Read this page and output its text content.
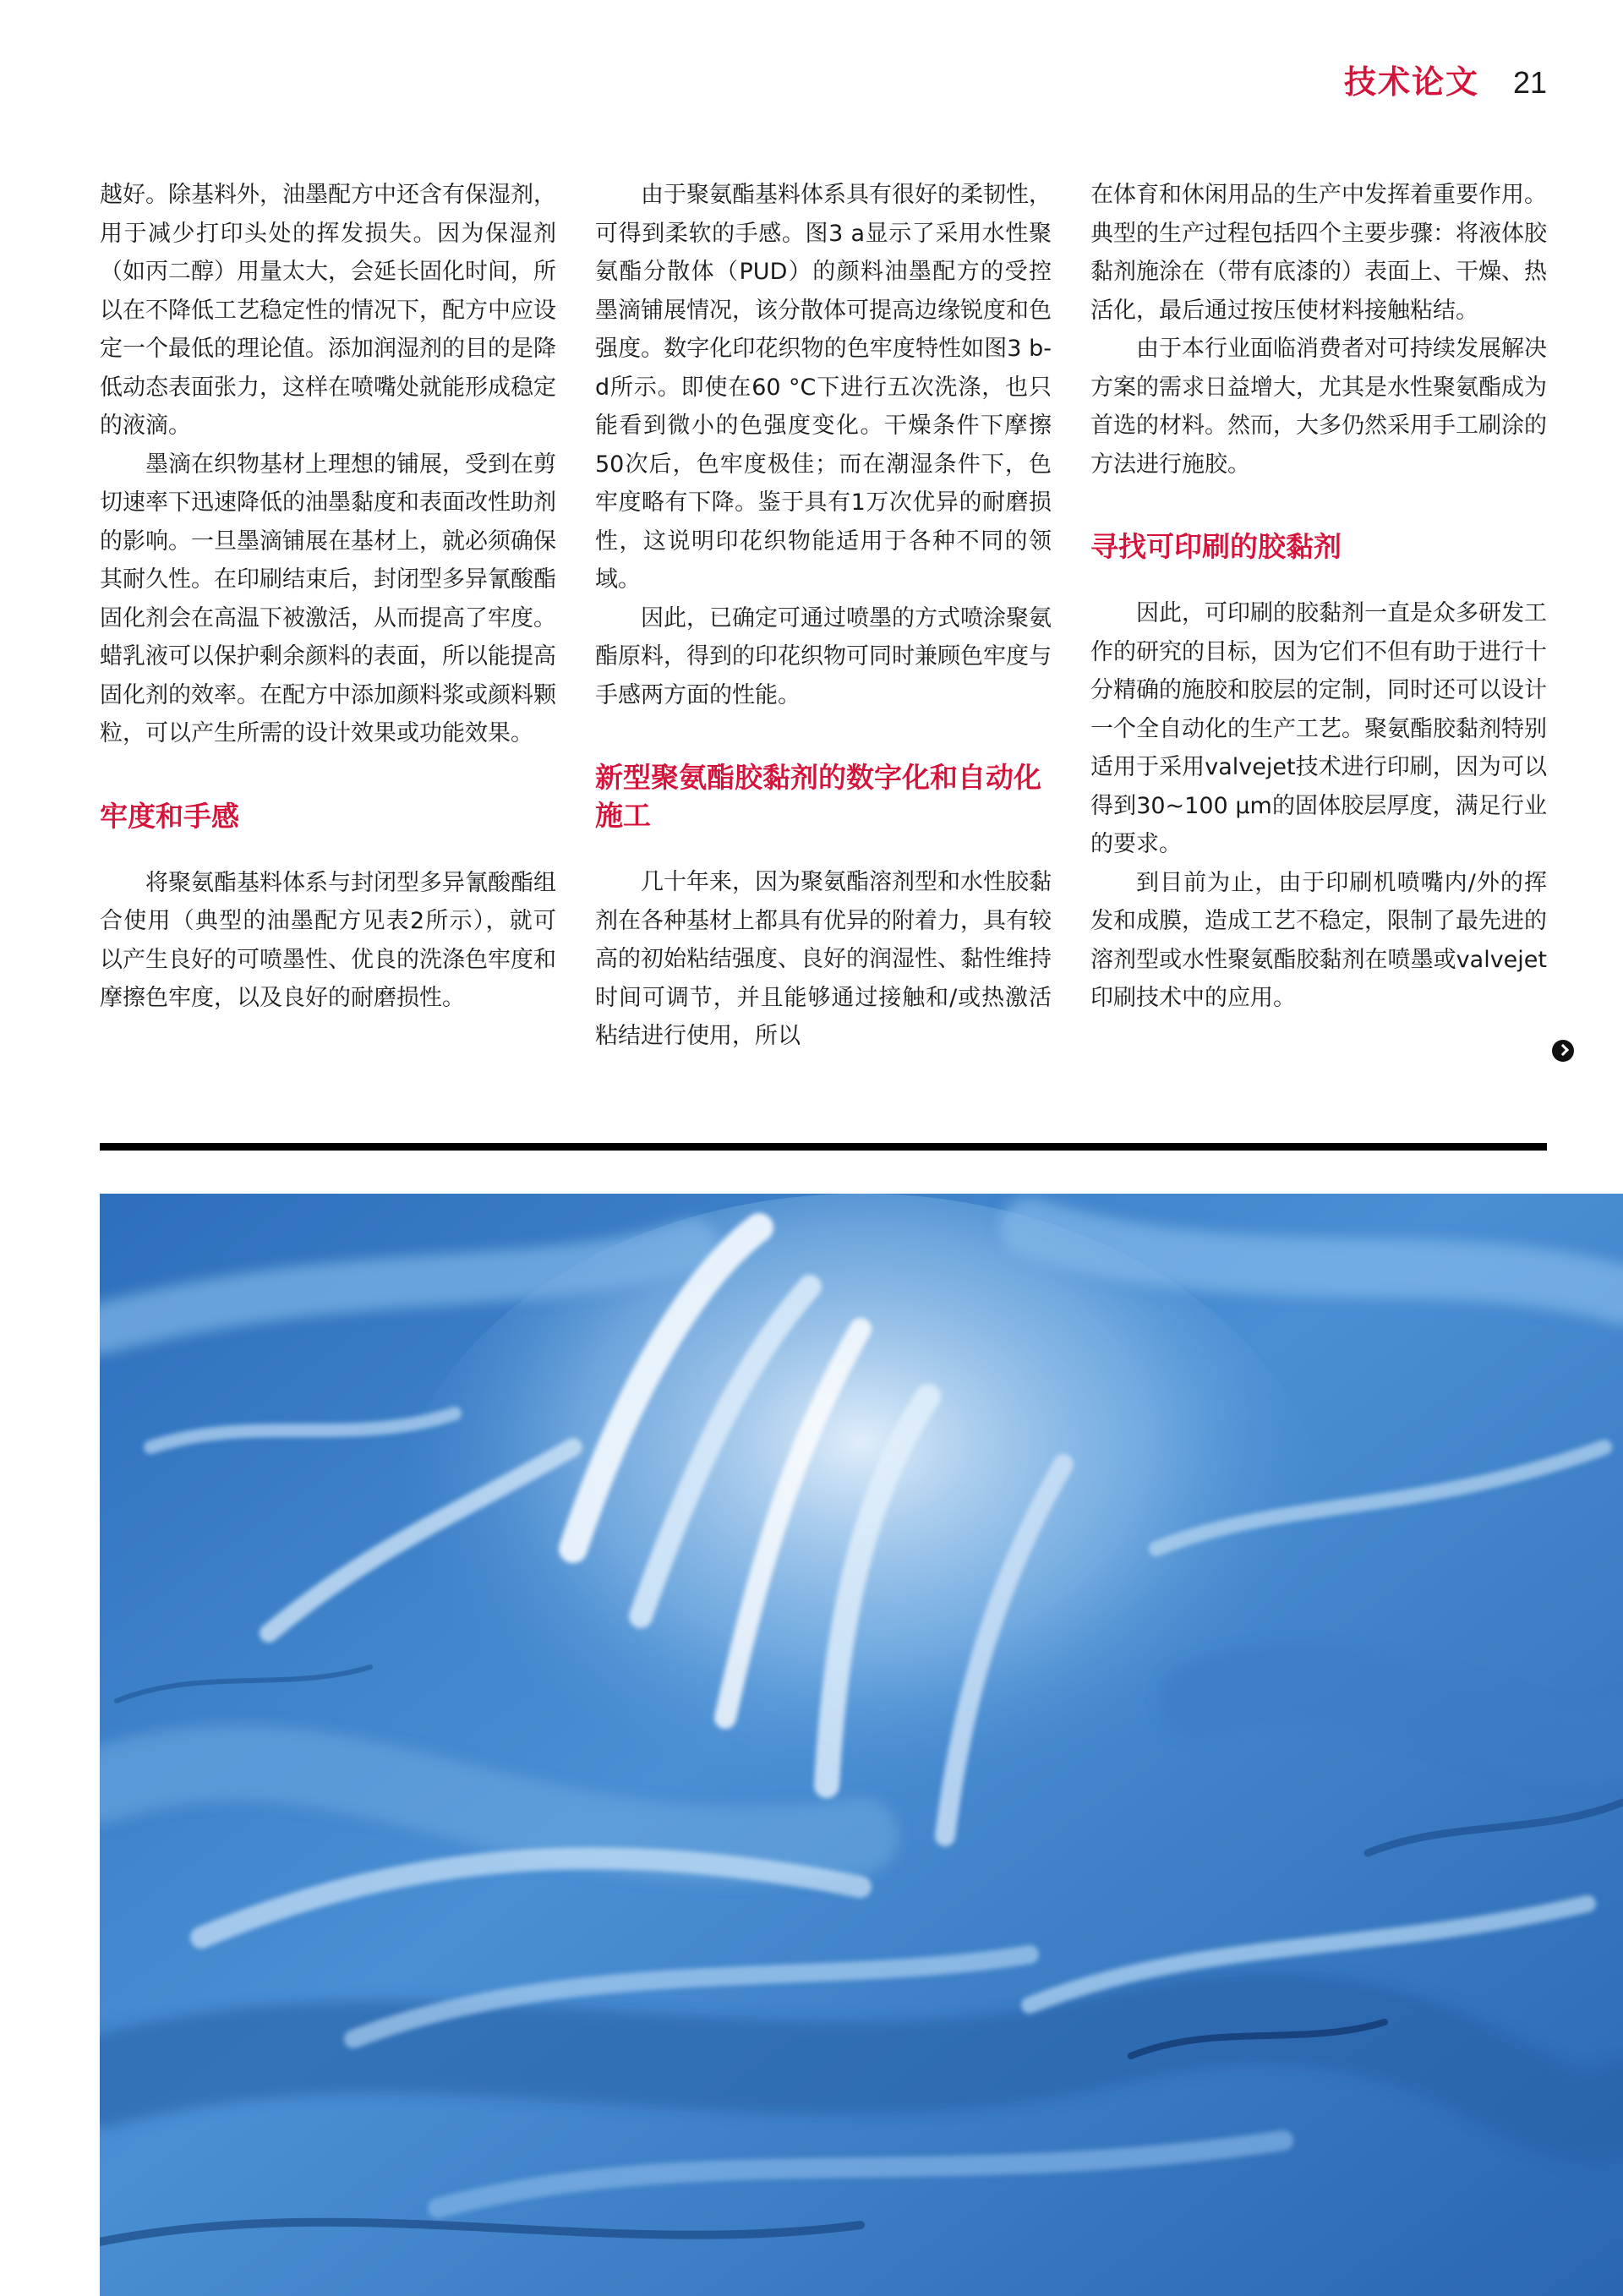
技术论文 21

越好。除基料外，油墨配方中还含有保湿剂，用于减少打印头处的挥发损失。因为保湿剂（如丙二醇）用量太大，会延长固化时间，所以在不降低工艺稳定性的情况下，配方中应设定一个最低的理论值。添加润湿剂的目的是降低动态表面张力，这样在喷嘴处就能形成稳定的液滴。

墨滴在织物基材上理想的铺展，受到在剪切速率下迅速降低的油墨黏度和表面改性助剂的影响。一旦墨滴铺展在基材上，就必须确保其耐久性。在印刷结束后，封闭型多异氰酸酯固化剂会在高温下被激活，从而提高了牢度。蜡乳液可以保护剩余颜料的表面，所以能提高固化剂的效率。在配方中添加颜料浆或颜料颗粒，可以产生所需的设计效果或功能效果。

牢度和手感

将聚氨酯基料体系与封闭型多异氰酸酯组合使用（典型的油墨配方见表2所示），就可以产生良好的可喷墨性、优良的洗涤色牢度和摩擦色牢度，以及良好的耐磨损性。

由于聚氨酯基料体系具有很好的柔韧性，可得到柔软的手感。图3 a显示了采用水性聚氨酯分散体（PUD）的颜料油墨配方的受控墨滴铺展情况，该分散体可提高边缘锐度和色强度。数字化印花织物的色牢度特性如图3 b-d所示。即使在60 °C下进行五次洗涤，也只能看到微小的色强度变化。干燥条件下摩擦50次后，色牢度极佳；而在潮湿条件下，色牢度略有下降。鉴于具有1万次优异的耐磨损性，这说明印花织物能适用于各种不同的领域。

因此，已确定可通过喷墨的方式喷涂聚氨酯原料，得到的印花织物可同时兼顾色牢度与手感两方面的性能。

新型聚氨酯胶黏剂的数字化和自动化施工

几十年来，因为聚氨酯溶剂型和水性胶黏剂在各种基材上都具有优异的附着力，具有较高的初始粘结强度、良好的润湿性、黏性维持时间可调节，并且能够通过接触和/或热激活粘结进行使用，所以

在体育和休闲用品的生产中发挥着重要作用。典型的生产过程包括四个主要步骤：将液体胶黏剂施涂在（带有底漆的）表面上、干燥、热活化，最后通过按压使材料接触粘结。

由于本行业面临消费者对可持续发展解决方案的需求日益增大，尤其是水性聚氨酯成为首选的材料。然而，大多仍然采用手工刷涂的方法进行施胶。

寻找可印刷的胶黏剂

因此，可印刷的胶黏剂一直是众多研发工作的研究的目标，因为它们不但有助于进行十分精确的施胶和胶层的定制，同时还可以设计一个全自动化的生产工艺。聚氨酯胶黏剂特别适用于采用valvejet技术进行印刷，因为可以得到30~100 μm的固体胶层厚度，满足行业的要求。

到目前为止，由于印刷机喷嘴内/外的挥发和成膜，造成工艺不稳定，限制了最先进的溶剂型或水性聚氨酯胶黏剂在喷墨或valvejet印刷技术中的应用。
